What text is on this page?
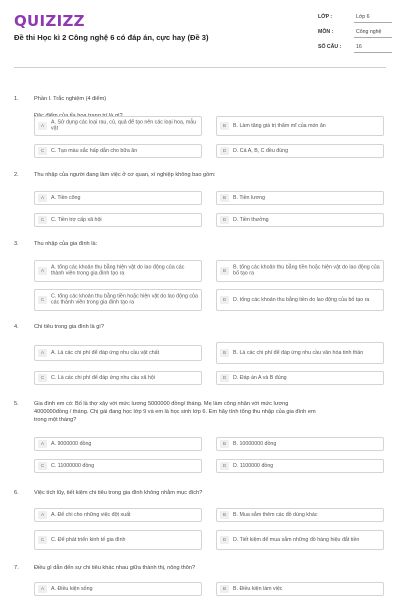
QUIZIZZ
Đề thi Học kì 2 Công nghệ 6 có đáp án, cực hay (Đề 3)
LỚP :	Lớp 6
MÔN :	Công nghệ
SỐ CÂU :	16
1.	Phần I. Trắc nghiệm (4 điểm)
A	A. Sử dụng các loại rau, củ, quả để tạo nên các loại hoa, mẫu vật
B	B. Làm tăng giá trị thẩm mĩ của món ăn
C	C. Tạo màu sắc hấp dẫn cho bữa ăn	D	D. Cả A, B, C đều đúng
2.	Thu nhập của người đang làm việc ở cơ quan, xí nghiệp không bao gồm:
A	A. Tiền công	B	B. Tiền lương
C	C. Tiền trợ cấp xã hội	D	D. Tiền thưởng
3.	Thu nhập của gia đình là:
A	A. tổng các khoản thu bằng hiện vật do lao động của các thành viên trong gia đình tạo ra
B	B. tổng các khoản thu bằng tiền hoặc hiện vật do lao động của bố tạo ra
C	C. tổng các khoản thu bằng tiền hoặc hiện vật do lao động của các thành viên trong gia đình tạo ra
D	D. tổng các khoản thu bằng tiền do lao động của bố tạo ra
4.	Chi tiêu trong gia đình là gì?
A	A. Là các chi phí để đáp ứng nhu cầu vật chất	B	B. Là các chi phí để đáp ứng nhu cầu văn hóa tinh thần
C	C. Là các chi phí để đáp ứng nhu cầu xã hội	D	D. Đáp án A và B đúng
5.	Gia đình em có: Bố là thợ xây với mức lương 5000000 đồng/ tháng. Mẹ làm công nhân với mức lương
4000000đồng / tháng. Chị gái đang học lớp 9 và em là học sinh lớp 6. Em hãy tính tổng thu nhập của gia đình em
trong một tháng?
A	A. 9000000 đồng	B	B. 10000000 đồng
C	C. 11000000 đồng	D	D. 1100000 đồng
6.	Việc tích lũy, tiết kiệm chi tiêu trong gia đình không nhằm mục đích?
A	A. Để chi cho những việc đột xuất	B	B. Mua sắm thêm các đồ dùng khác
C	C. Để phát triển kinh tế gia đình	D	D. Tiết kiệm để mua sắm những đồ hàng hiệu đắt tiền
7.	Điều gì dẫn đến sự chi tiêu khác nhau giữa thành thị, nông thôn?
A	A. Điều kiện sống	B	B. Điều kiện làm việc
